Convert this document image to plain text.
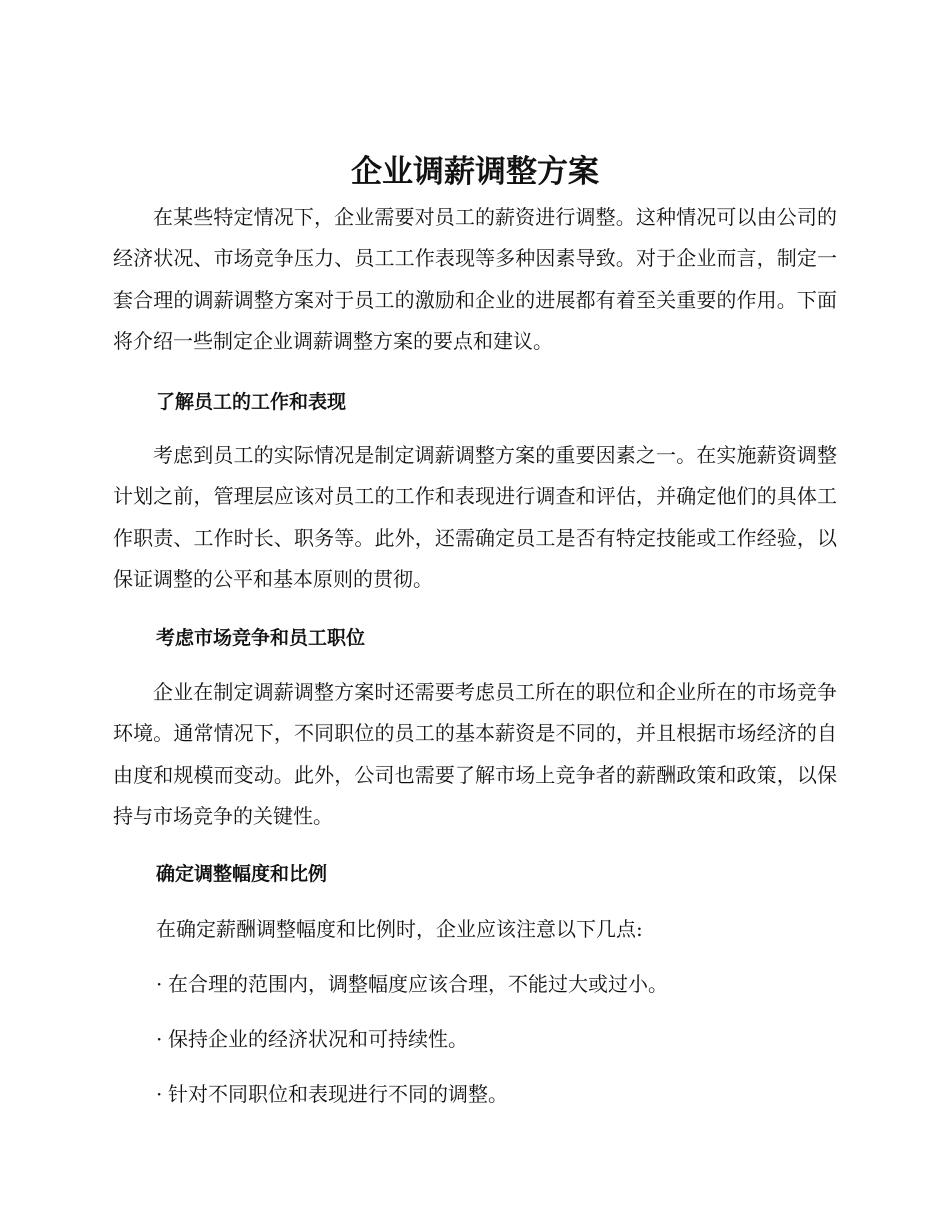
企业调薪调整方案

在某些特定情况下，企业需要对员工的薪资进行调整。这种情况可以由公司的经济状况、市场竞争压力、员工工作表现等多种因素导致。对于企业而言，制定一套合理的调薪调整方案对于员工的激励和企业的进展都有着至关重要的作用。下面将介绍一些制定企业调薪调整方案的要点和建议。

了解员工的工作和表现

考虑到员工的实际情况是制定调薪调整方案的重要因素之一。在实施薪资调整计划之前，管理层应该对员工的工作和表现进行调查和评估，并确定他们的具体工作职责、工作时长、职务等。此外，还需确定员工是否有特定技能或工作经验，以保证调整的公平和基本原则的贯彻。

考虑市场竞争和员工职位

企业在制定调薪调整方案时还需要考虑员工所在的职位和企业所在的市场竞争环境。通常情况下，不同职位的员工的基本薪资是不同的，并且根据市场经济的自由度和规模而变动。此外，公司也需要了解市场上竞争者的薪酬政策和政策，以保持与市场竞争的关键性。

确定调整幅度和比例

在确定薪酬调整幅度和比例时，企业应该注意以下几点:

· 在合理的范围内，调整幅度应该合理，不能过大或过小。

· 保持企业的经济状况和可持续性。

· 针对不同职位和表现进行不同的调整。
